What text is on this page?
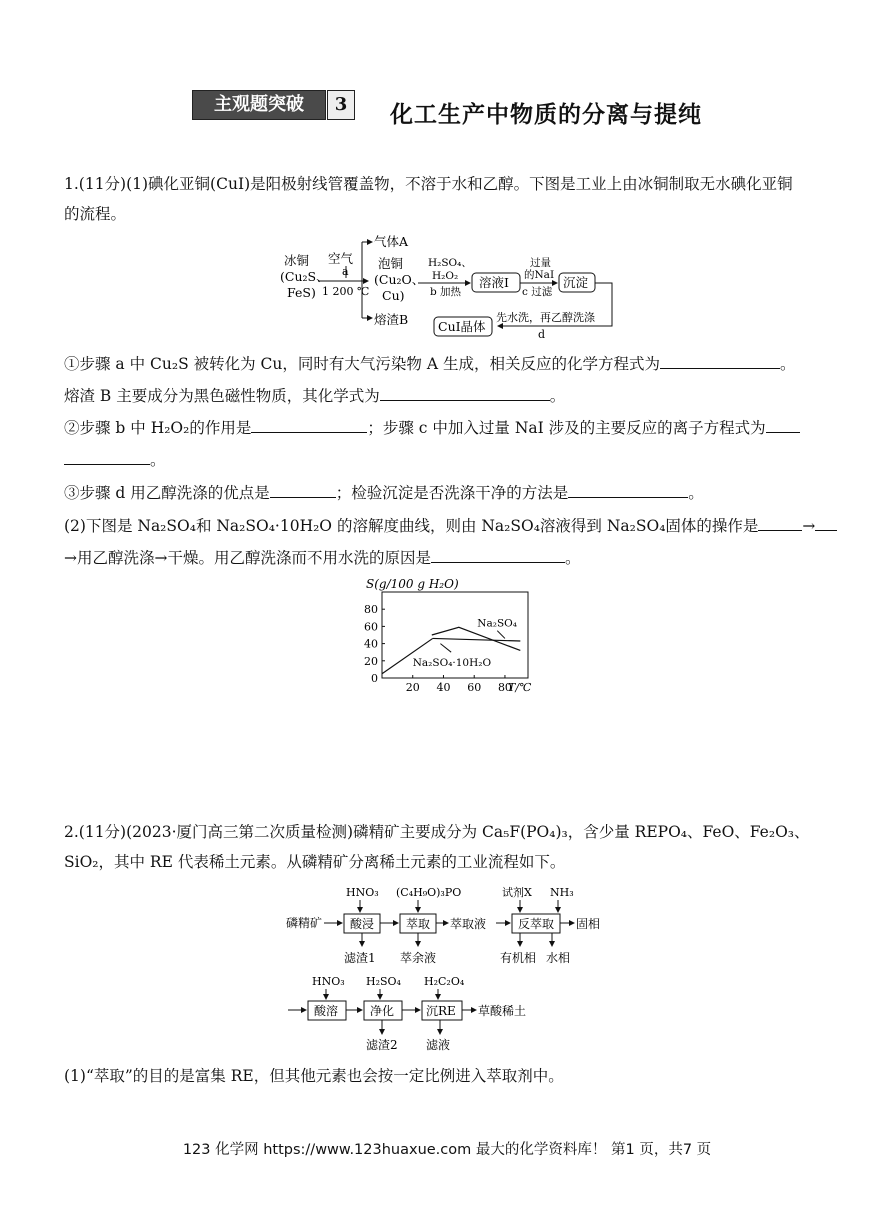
主观题突破	3	化工生产中物质的分离与提纯
1.(11分)(1)碘化亚铜(CuI)是阳极射线管覆盖物，不溶于水和乙醇。下图是工业上由冰铜制取无水碘化亚铜
的流程。
冰铜
(Cu₂S、
FeS)
空气
a
1 200 ℃
气体A
泡铜
(Cu₂O、
Cu)
熔渣B
H₂SO₄、
H₂O₂
b 加热
溶液Ⅰ
过量
的NaI
c 过滤
沉淀
先水洗，再乙醇洗涤
d
CuI晶体
①步骤 a 中 Cu₂S 被转化为 Cu，同时有大气污染物 A 生成，相关反应的化学方程式为	。
熔渣 B 主要成分为黑色磁性物质，其化学式为	。
②步骤 b 中 H₂O₂的作用是	；步骤 c 中加入过量 NaI 涉及的主要反应的离子方程式为
。
③步骤 d 用乙醇洗涤的优点是	；检验沉淀是否洗涤干净的方法是	。
(2)下图是 Na₂SO₄和 Na₂SO₄·10H₂O 的溶解度曲线，则由 Na₂SO₄溶液得到 Na₂SO₄固体的操作是	→
→用乙醇洗涤→干燥。用乙醇洗涤而不用水洗的原因是	。
S(g/100 g H₂O)
0
20
40
60
80
20 40 60 80
T/℃
Na₂SO₄·10H₂O
Na₂SO₄
2.(11分)(2023·厦门高三第二次质量检测)磷精矿主要成分为 Ca₅F(PO₄)₃，含少量 REPO₄、FeO、Fe₂O₃、
SiO₂，其中 RE 代表稀土元素。从磷精矿分离稀土元素的工业流程如下。
HNO₃ (C₄H₉O)₃PO	试剂X NH₃
磷精矿 酸浸	萃取 萃取液	反萃取 固相
滤渣1 萃余液	有机相 水相
HNO₃ H₂SO₄ H₂C₂O₄
酸溶	净化	沉RE 草酸稀土
滤渣2 滤液
(1)“萃取”的目的是富集 RE，但其他元素也会按一定比例进入萃取剂中。
123 化学网 https://www.123huaxue.com 最大的化学资料库！ 第1 页，共7 页
